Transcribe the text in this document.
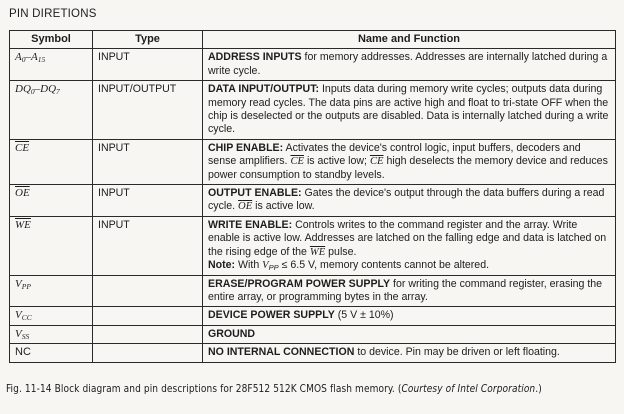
PIN DIRETIONS
Symbol	Type	Name and Function
$A_0-A_{15}$	INPUT	ADDRESS INPUTS for memory addresses. Addresses are internally latched during a write cycle.
$DQ_0-DQ_7$	INPUT/OUTPUT	DATA INPUT/OUTPUT: Inputs data during memory write cycles; outputs data during memory read cycles. The data pins are active high and float to tri-state OFF when the chip is deselected or the outputs are disabled. Data is internally latched during a write cycle.
$\overline{CE}$	INPUT	CHIP ENABLE: Activates the device's control logic, input buffers, decoders and sense amplifiers. $\overline{CE}$ is active low; $\overline{CE}$ high deselects the memory device and reduces power consumption to standby levels.
$\overline{OE}$	INPUT	OUTPUT ENABLE: Gates the device's output through the data buffers during a read cycle. $\overline{OE}$ is active low.
$\overline{WE}$	INPUT	WRITE ENABLE: Controls writes to the command register and the array. Write enable is active low. Addresses are latched on the falling edge and data is latched on the rising edge of the $\overline{WE}$ pulse.
Note: With $V_{PP} \le 6.5$ V, memory contents cannot be altered.
$V_{PP}$		ERASE/PROGRAM POWER SUPPLY for writing the command register, erasing the entire array, or programming bytes in the array.
$V_{CC}$		DEVICE POWER SUPPLY (5 V ± 10%)
$V_{SS}$		GROUND
NC		NO INTERNAL CONNECTION to device. Pin may be driven or left floating.
Fig. 11-14 Block diagram and pin descriptions for 28F512 512K CMOS flash memory. (Courtesy of Intel Corporation.)
